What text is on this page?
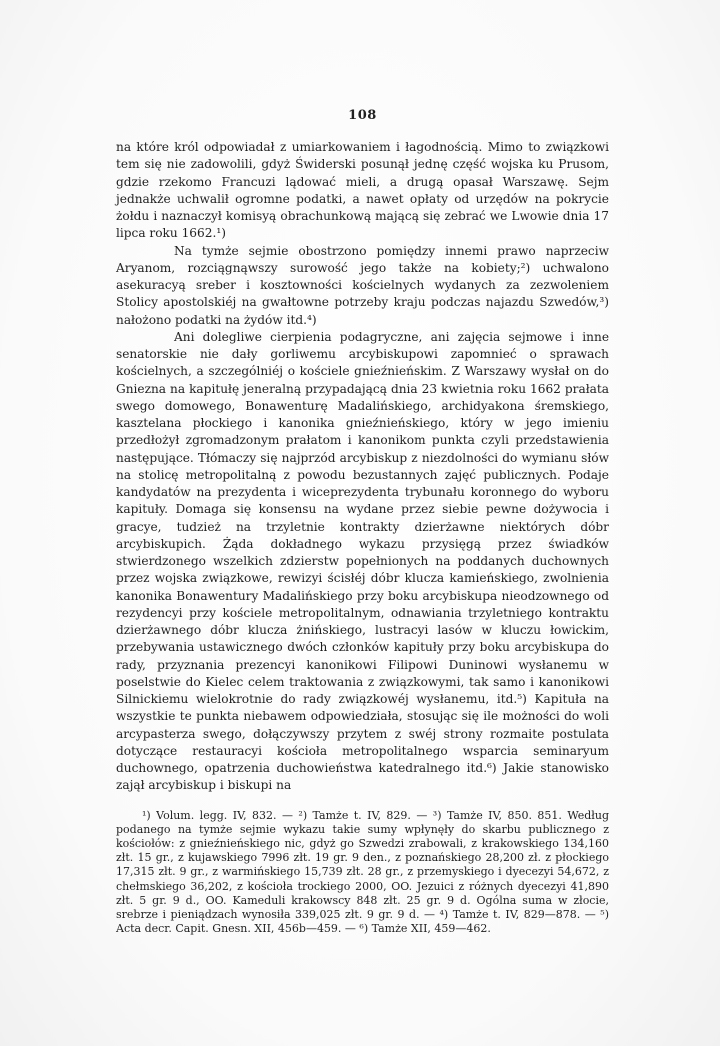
108

na które król odpowiadał z umiarkowaniem i łagodnością. Mimo to związkowi tem się nie zadowolili, gdyż Świderski posunął jednę część wojska ku Prusom, gdzie rzekomo Francuzi lądować mieli, a drugą opasał Warszawę. Sejm jednakże uchwalił ogromne podatki, a nawet opłaty od urzędów na pokrycie żołdu i naznaczył komisyą obrachunkową mającą się zebrać we Lwowie dnia 17 lipca roku 1662.¹)

Na tymże sejmie obostrzono pomiędzy innemi prawo naprzeciw Aryanom, rozciągnąwszy surowość jego także na kobiety;²) uchwalono asekuracyą sreber i kosztowności kościelnych wydanych za zezwoleniem Stolicy apostolskiéj na gwałtowne potrzeby kraju podczas najazdu Szwedów,³) nałożono podatki na żydów itd.⁴)

Ani dolegliwe cierpienia podagryczne, ani zajęcia sejmowe i inne senatorskie nie dały gorliwemu arcybiskupowi zapomnieć o sprawach kościelnych, a szczególniéj o kościele gnieźnieńskim. Z Warszawy wysłał on do Gniezna na kapitułę jeneralną przypadającą dnia 23 kwietnia roku 1662 prałata swego domowego, Bonawenturę Madalińskiego, archidyakona śremskiego, kasztelana płockiego i kanonika gnieźnieńskiego, który w jego imieniu przedłożył zgromadzonym prałatom i kanonikom punkta czyli przedstawienia następujące. Tłómaczy się najprzód arcybiskup z niezdolności do wymianu słów na stolicę metropolitalną z powodu bezustannych zajęć publicznych. Podaje kandydatów na prezydenta i wiceprezydenta trybunału koronnego do wyboru kapituły. Domaga się konsensu na wydane przez siebie pewne dożywocia i gracye, tudzież na trzyletnie kontrakty dzierżawne niektórych dóbr arcybiskupich. Żąda dokładnego wykazu przysięgą przez świadków stwierdzonego wszelkich zdzierstw popełnionych na poddanych duchownych przez wojska związkowe, rewizyi ścisłéj dóbr klucza kamieńskiego, zwolnienia kanonika Bonawentury Madalińskiego przy boku arcybiskupa nieodzownego od rezydencyi przy kościele metropolitalnym, odnawiania trzyletniego kontraktu dzierżawnego dóbr klucza żnińskiego, lustracyi lasów w kluczu łowickim, przebywania ustawicznego dwóch członków kapituły przy boku arcybiskupa do rady, przyznania prezencyi kanonikowi Filipowi Duninowi wysłanemu w poselstwie do Kielec celem traktowania z związkowymi, tak samo i kanonikowi Silnickiemu wielokrotnie do rady związkowéj wysłanemu, itd.⁵) Kapituła na wszystkie te punkta niebawem odpowiedziała, stosując się ile możności do woli arcypasterza swego, dołączywszy przytem z swéj strony rozmaite postulata dotyczące restauracyi kościoła metropolitalnego wsparcia seminaryum duchownego, opatrzenia duchowieństwa katedralnego itd.⁶) Jakie stanowisko zajął arcybiskup i biskupi na

¹) Volum. legg. IV, 832. — ²) Tamże t. IV, 829. — ³) Tamże IV, 850. 851. Według podanego na tymże sejmie wykazu takie sumy wpłynęły do skarbu publicznego z kościołów: z gnieźnieńskiego nic, gdyż go Szwedzi zrabowali, z krakowskiego 134,160 złt. 15 gr., z kujawskiego 7996 złt. 19 gr. 9 den., z poznańskiego 28,200 zł. z płockiego 17,315 złt. 9 gr., z warmińskiego 15,739 złt. 28 gr., z przemyskiego i dyecezyi 54,672, z chełmskiego 36,202, z kościoła trockiego 2000, OO. Jezuici z różnych dyecezyi 41,890 złt. 5 gr. 9 d., OO. Kameduli krakowscy 848 złt. 25 gr. 9 d. Ogólna suma w złocie, srebrze i pieniądzach wynosiła 339,025 złt. 9 gr. 9 d. — ⁴) Tamże t. IV, 829—878. — ⁵) Acta decr. Capit. Gnesn. XII, 456b—459. — ⁶) Tamże XII, 459—462.
